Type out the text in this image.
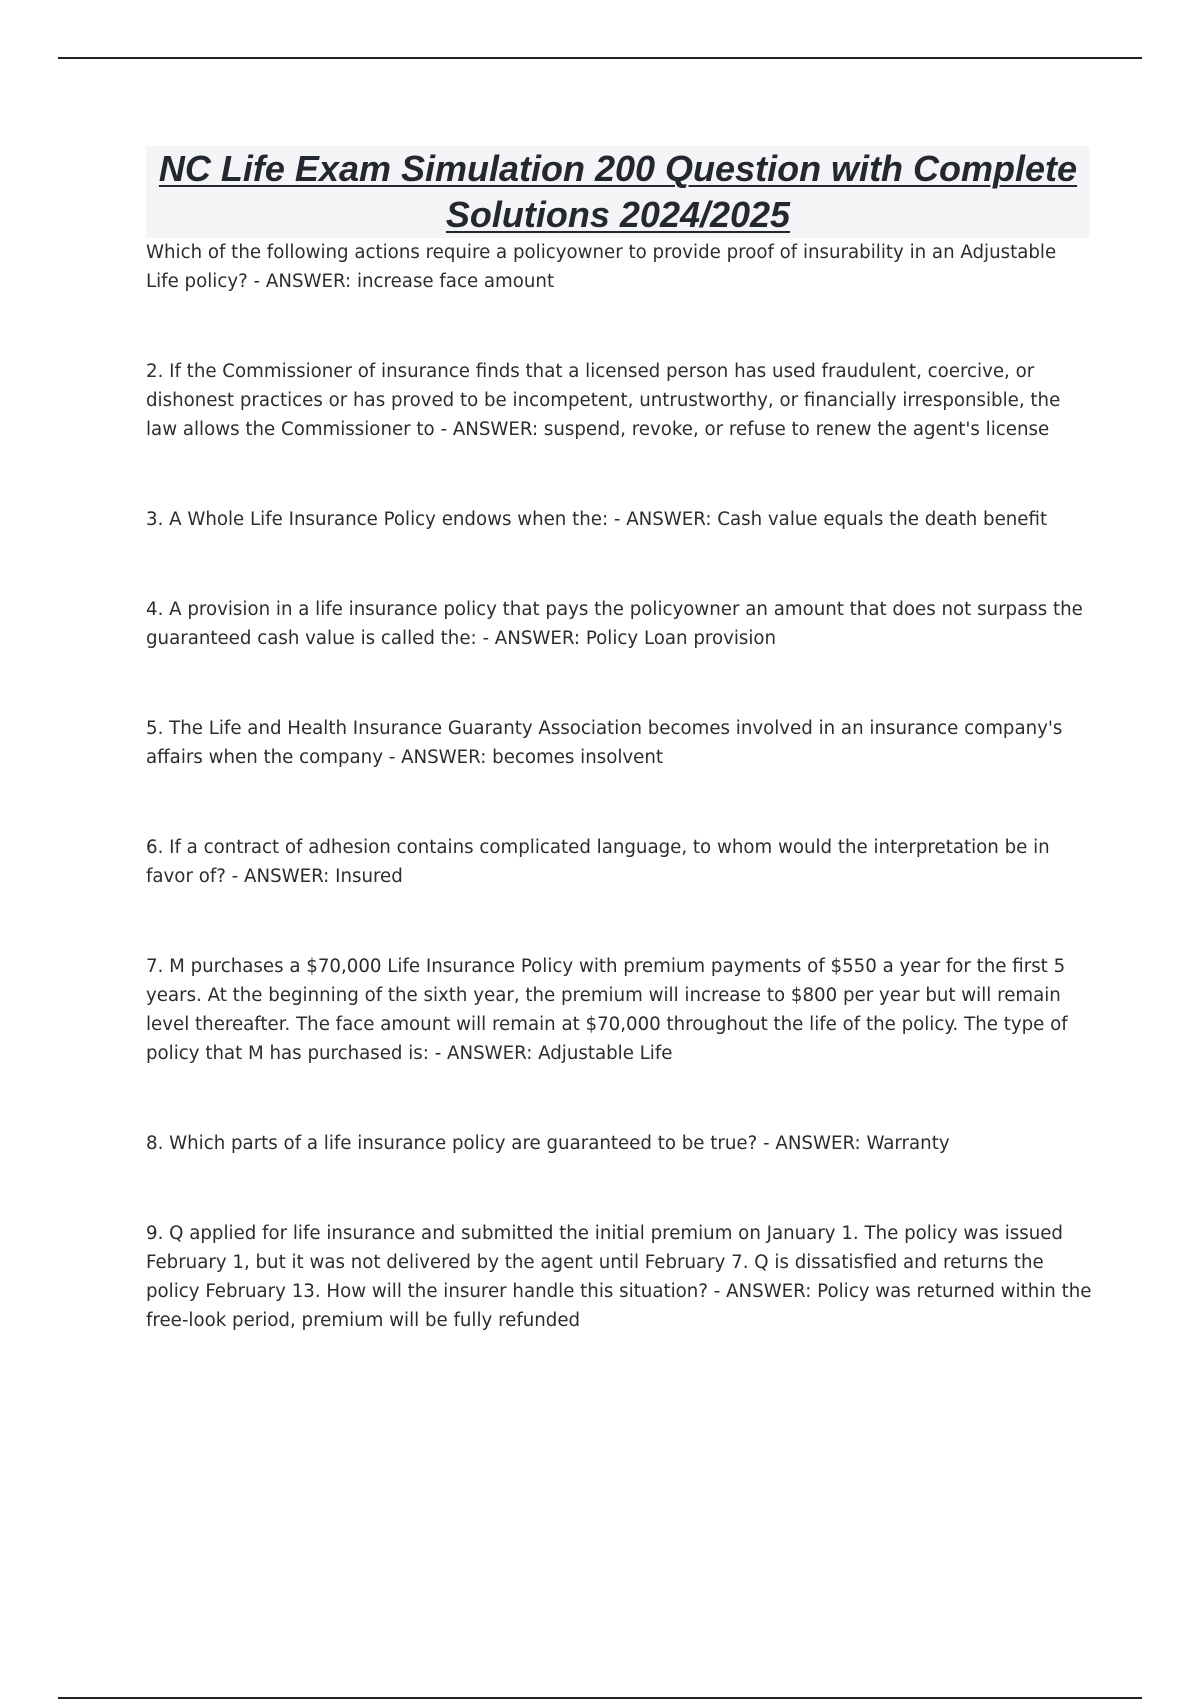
NC Life Exam Simulation 200 Question with Complete Solutions 2024/2025

Which of the following actions require a policyowner to provide proof of insurability in an Adjustable Life policy? - ANSWER: increase face amount

2. If the Commissioner of insurance finds that a licensed person has used fraudulent, coercive, or dishonest practices or has proved to be incompetent, untrustworthy, or financially irresponsible, the law allows the Commissioner to - ANSWER: suspend, revoke, or refuse to renew the agent's license

3. A Whole Life Insurance Policy endows when the: - ANSWER: Cash value equals the death benefit

4. A provision in a life insurance policy that pays the policyowner an amount that does not surpass the guaranteed cash value is called the: - ANSWER: Policy Loan provision

5. The Life and Health Insurance Guaranty Association becomes involved in an insurance company's affairs when the company - ANSWER: becomes insolvent

6. If a contract of adhesion contains complicated language, to whom would the interpretation be in favor of? - ANSWER: Insured

7. M purchases a $70,000 Life Insurance Policy with premium payments of $550 a year for the first 5 years. At the beginning of the sixth year, the premium will increase to $800 per year but will remain level thereafter. The face amount will remain at $70,000 throughout the life of the policy. The type of policy that M has purchased is: - ANSWER: Adjustable Life

8. Which parts of a life insurance policy are guaranteed to be true? - ANSWER: Warranty

9. Q applied for life insurance and submitted the initial premium on January 1. The policy was issued February 1, but it was not delivered by the agent until February 7. Q is dissatisfied and returns the policy February 13. How will the insurer handle this situation? - ANSWER: Policy was returned within the free-look period, premium will be fully refunded
